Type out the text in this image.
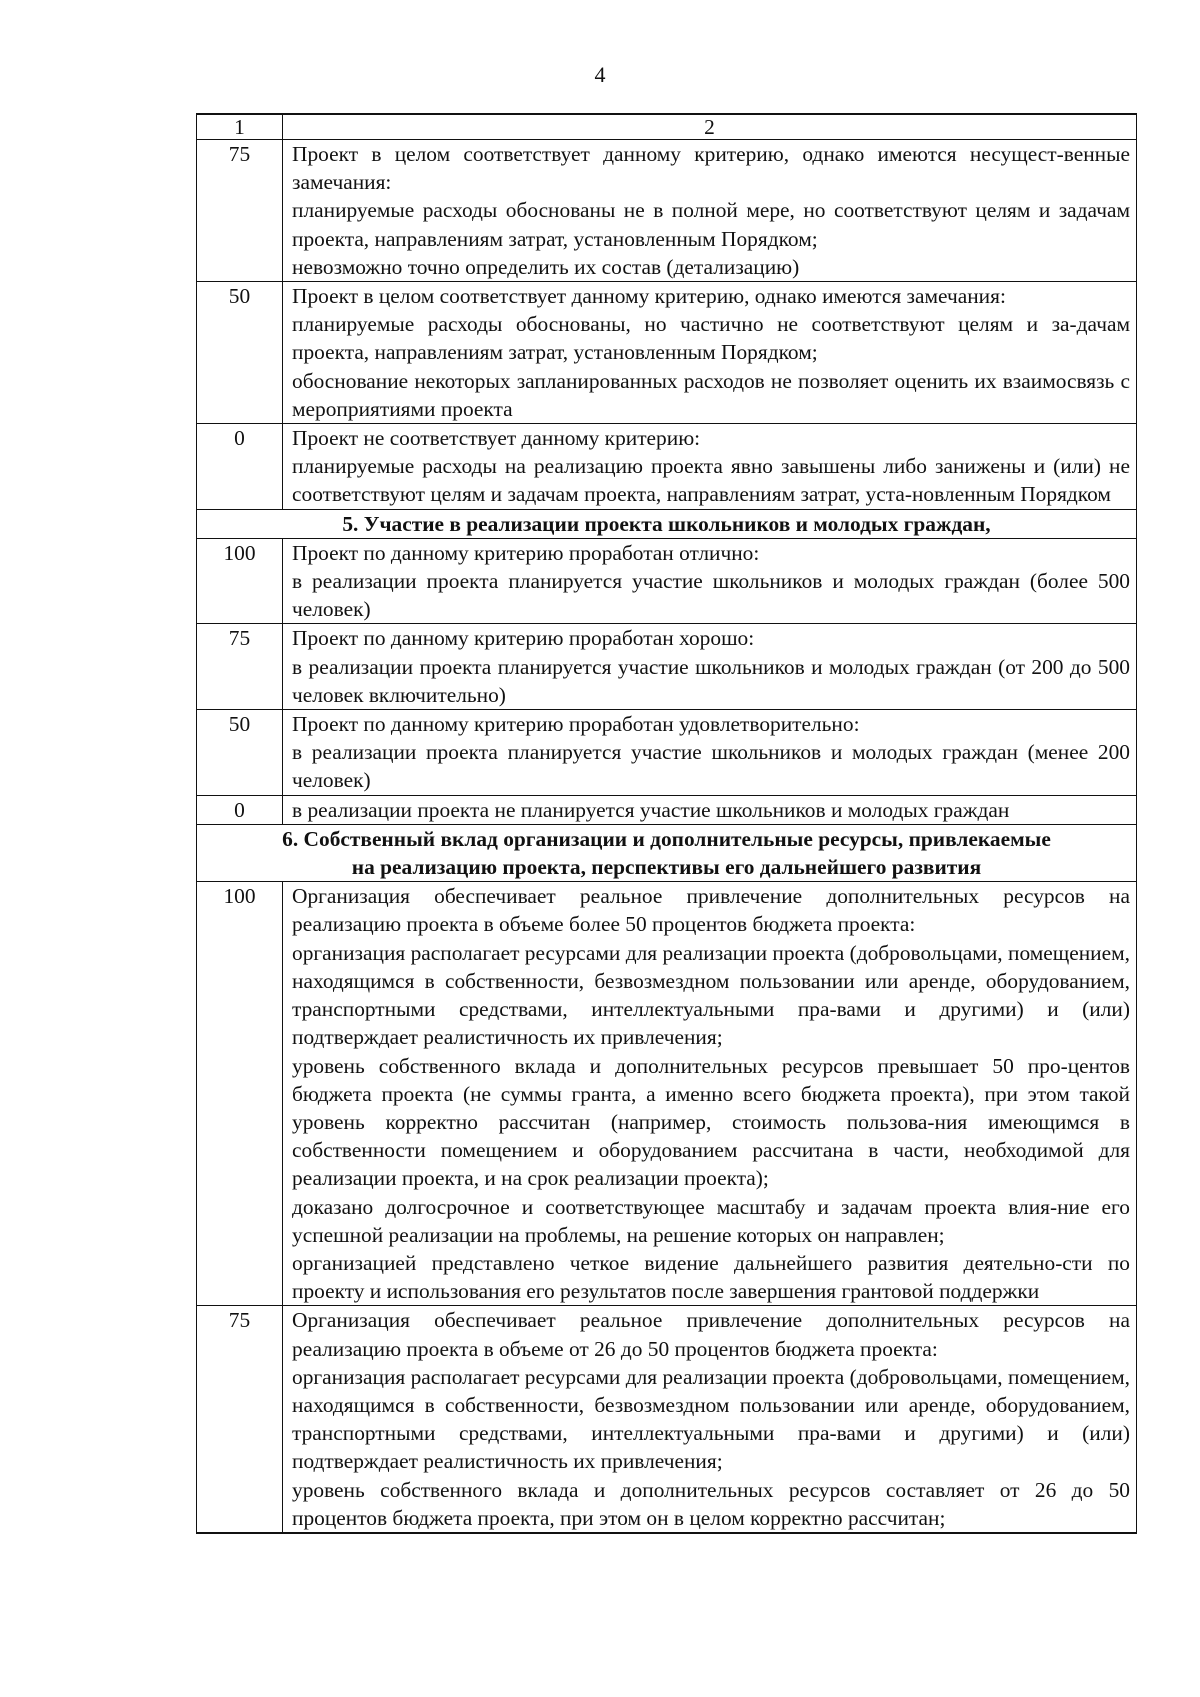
4
1	2
75	Проект в целом соответствует данному критерию, однако имеются несущест-венные замечания:
планируемые расходы обоснованы не в полной мере, но соответствуют целям и задачам проекта, направлениям затрат, установленным Порядком;
невозможно точно определить их состав (детализацию)

50	Проект в целом соответствует данному критерию, однако имеются замечания:
планируемые расходы обоснованы, но частично не соответствуют целям и за-дачам проекта, направлениям затрат, установленным Порядком;
обоснование некоторых запланированных расходов не позволяет оценить их взаимосвязь с мероприятиями проекта

0	Проект не соответствует данному критерию:
планируемые расходы на реализацию проекта явно завышены либо занижены и (или) не соответствуют целям и задачам проекта, направлениям затрат, уста-новленным Порядком

5. Участие в реализации проекта школьников и молодых граждан,	

100	Проект по данному критерию проработан отлично:
в реализации проекта планируется участие школьников и молодых граждан (более 500 человек)

75	Проект по данному критерию проработан хорошо:
в реализации проекта планируется участие школьников и молодых граждан (от 200 до 500 человек включительно)

50	Проект по данному критерию проработан удовлетворительно:
в реализации проекта планируется участие школьников и молодых граждан (менее 200 человек)

0	в реализации проекта не планируется участие школьников и молодых граждан

6. Собственный вклад организации и дополнительные ресурсы, привлекаемые
на реализацию проекта, перспективы его дальнейшего развития	

100	Организация обеспечивает реальное привлечение дополнительных ресурсов на реализацию проекта в объеме более 50 процентов бюджета проекта:
организация располагает ресурсами для реализации проекта (добровольцами, помещением, находящимся в собственности, безвозмездном пользовании или аренде, оборудованием, транспортными средствами, интеллектуальными пра-вами и другими) и (или) подтверждает реалистичность их привлечения;
уровень собственного вклада и дополнительных ресурсов превышает 50 про-центов бюджета проекта (не суммы гранта, а именно всего бюджета проекта), при этом такой уровень корректно рассчитан (например, стоимость пользова-ния имеющимся в собственности помещением и оборудованием рассчитана в части, необходимой для реализации проекта, и на срок реализации проекта);
доказано долгосрочное и соответствующее масштабу и задачам проекта влия-ние его успешной реализации на проблемы, на решение которых он направлен;
организацией представлено четкое видение дальнейшего развития деятельно-сти по проекту и использования его результатов после завершения грантовой поддержки

75	Организация обеспечивает реальное привлечение дополнительных ресурсов на реализацию проекта в объеме от 26 до 50 процентов бюджета проекта:
организация располагает ресурсами для реализации проекта (добровольцами, помещением, находящимся в собственности, безвозмездном пользовании или аренде, оборудованием, транспортными средствами, интеллектуальными пра-вами и другими) и (или) подтверждает реалистичность их привлечения;
уровень собственного вклада и дополнительных ресурсов составляет от 26 до 50 процентов бюджета проекта, при этом он в целом корректно рассчитан;
